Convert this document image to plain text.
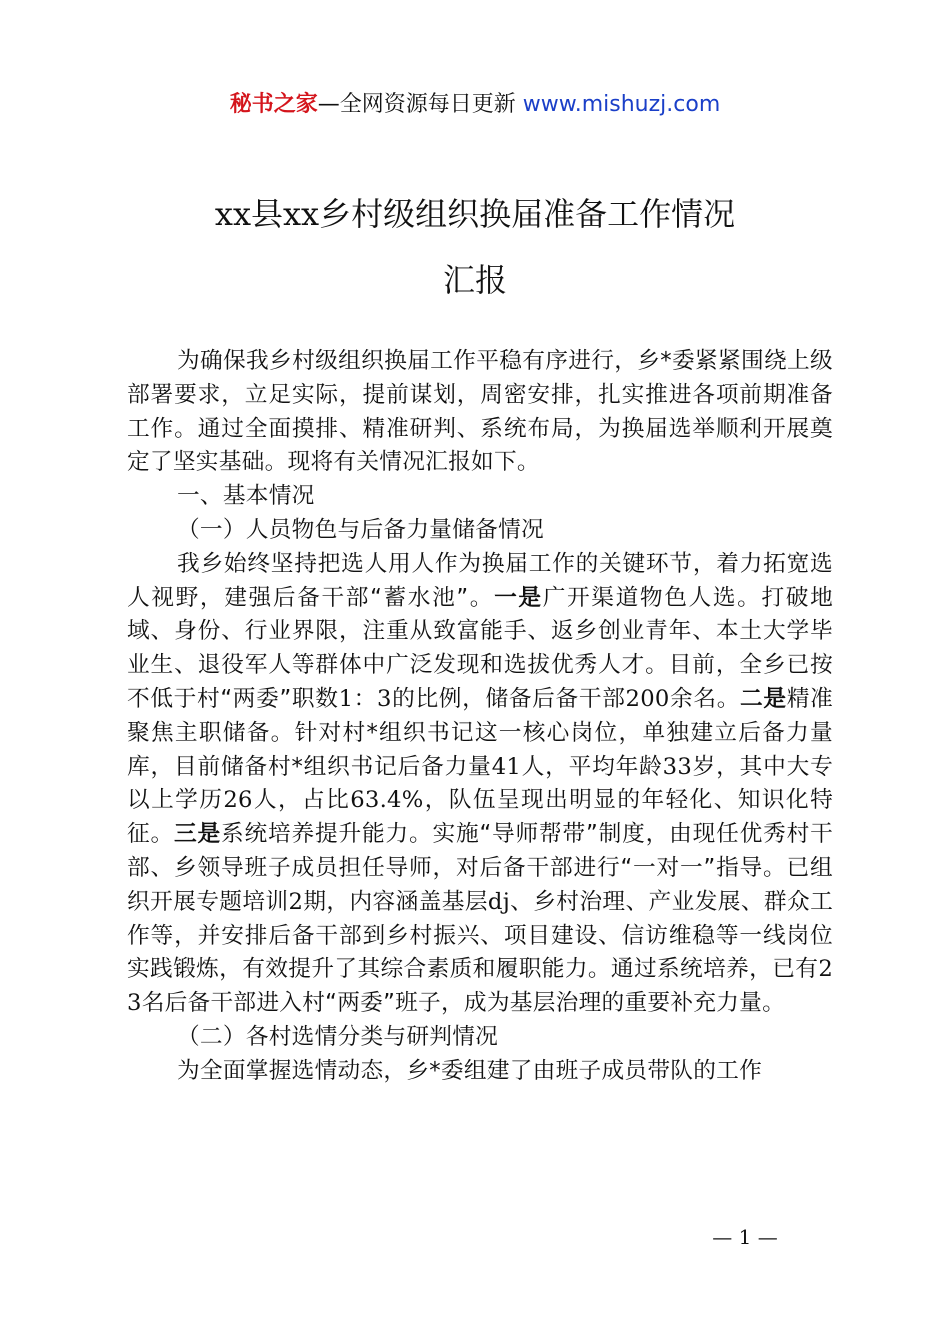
秘书之家—全网资源每日更新 www.mishuzj.com
xx县xx乡村级组织换届准备工作情况
汇报

为确保我乡村级组织换届工作平稳有序进行，乡*委紧紧围绕上级部署要求，立足实际，提前谋划，周密安排，扎实推进各项前期准备工作。通过全面摸排、精准研判、系统布局，为换届选举顺利开展奠定了坚实基础。现将有关情况汇报如下。

一、基本情况

（一）人员物色与后备力量储备情况

我乡始终坚持把选人用人作为换届工作的关键环节，着力拓宽选人视野，建强后备干部“蓄水池”。一是广开渠道物色人选。打破地域、身份、行业界限，注重从致富能手、返乡创业青年、本土大学毕业生、退役军人等群体中广泛发现和选拔优秀人才。目前，全乡已按不低于村“两委”职数1：3的比例，储备后备干部200余名。二是精准聚焦主职储备。针对村*组织书记这一核心岗位，单独建立后备力量库，目前储备村*组织书记后备力量41人，平均年龄33岁，其中大专以上学历26人，占比63.4%，队伍呈现出明显的年轻化、知识化特征。三是系统培养提升能力。实施“导师帮带”制度，由现任优秀村干部、乡领导班子成员担任导师，对后备干部进行“一对一”指导。已组织开展专题培训2期，内容涵盖基层dj、乡村治理、产业发展、群众工作等，并安排后备干部到乡村振兴、项目建设、信访维稳等一线岗位实践锻炼，有效提升了其综合素质和履职能力。通过系统培养，已有23名后备干部进入村“两委”班子，成为基层治理的重要补充力量。

（二）各村选情分类与研判情况

为全面掌握选情动态，乡*委组建了由班子成员带队的工作

— 1 —
